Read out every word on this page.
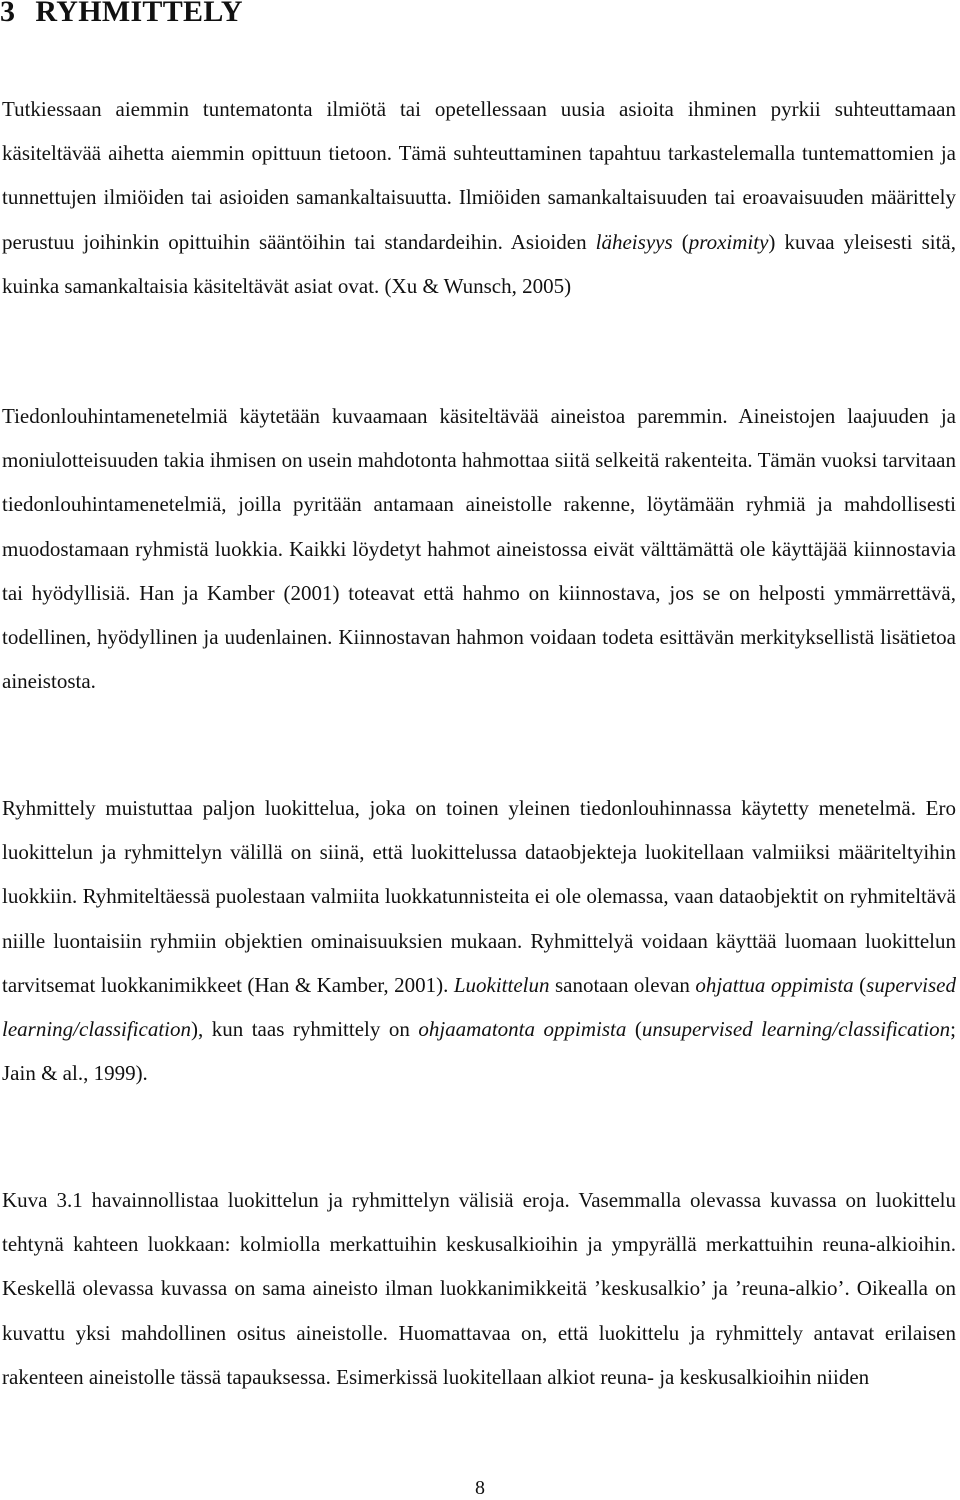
3 RYHMITTELY

Tutkiessaan aiemmin tuntematonta ilmiötä tai opetellessaan uusia asioita ihminen pyrkii suhteuttamaan käsiteltävää aihetta aiemmin opittuun tietoon. Tämä suhteuttaminen tapahtuu tarkastelemalla tuntemattomien ja tunnettujen ilmiöiden tai asioiden samankaltaisuutta. Ilmiöiden samankaltaisuuden tai eroavaisuuden määrittely perustuu joihinkin opittuihin sääntöihin tai standardeihin. Asioiden läheisyys (proximity) kuvaa yleisesti sitä, kuinka samankaltaisia käsiteltävät asiat ovat. (Xu & Wunsch, 2005)

Tiedonlouhintamenetelmiä käytetään kuvaamaan käsiteltävää aineistoa paremmin. Aineistojen laajuuden ja moniulotteisuuden takia ihmisen on usein mahdotonta hahmottaa siitä selkeitä rakenteita. Tämän vuoksi tarvitaan tiedonlouhintamenetelmiä, joilla pyritään antamaan aineistolle rakenne, löytämään ryhmiä ja mahdollisesti muodostamaan ryhmistä luokkia. Kaikki löydetyt hahmot aineistossa eivät välttämättä ole käyttäjää kiinnostavia tai hyödyllisiä. Han ja Kamber (2001) toteavat että hahmo on kiinnostava, jos se on helposti ymmärrettävä, todellinen, hyödyllinen ja uudenlainen. Kiinnostavan hahmon voidaan todeta esittävän merkityksellistä lisätietoa aineistosta.

Ryhmittely muistuttaa paljon luokittelua, joka on toinen yleinen tiedonlouhinnassa käytetty menetelmä. Ero luokittelun ja ryhmittelyn välillä on siinä, että luokittelussa dataobjekteja luokitellaan valmiiksi määriteltyihin luokkiin. Ryhmiteltäessä puolestaan valmiita luokkatunnisteita ei ole olemassa, vaan dataobjektit on ryhmiteltävä niille luontaisiin ryhmiin objektien ominaisuuksien mukaan. Ryhmittelyä voidaan käyttää luomaan luokittelun tarvitsemat luokkanimikkeet (Han & Kamber, 2001). Luokittelun sanotaan olevan ohjattua oppimista (supervised learning/classification), kun taas ryhmittely on ohjaamatonta oppimista (unsupervised learning/classification; Jain & al., 1999).

Kuva 3.1 havainnollistaa luokittelun ja ryhmittelyn välisiä eroja. Vasemmalla olevassa kuvassa on luokittelu tehtynä kahteen luokkaan: kolmiolla merkattuihin keskusalkioihin ja ympyrällä merkattuihin reuna-alkioihin. Keskellä olevassa kuvassa on sama aineisto ilman luokkanimikkeitä ’keskusalkio’ ja ’reuna-alkio’. Oikealla on kuvattu yksi mahdollinen ositus aineistolle. Huomattavaa on, että luokittelu ja ryhmittely antavat erilaisen rakenteen aineistolle tässä tapauksessa. Esimerkissä luokitellaan alkiot reuna- ja keskusalkioihin niiden

8
